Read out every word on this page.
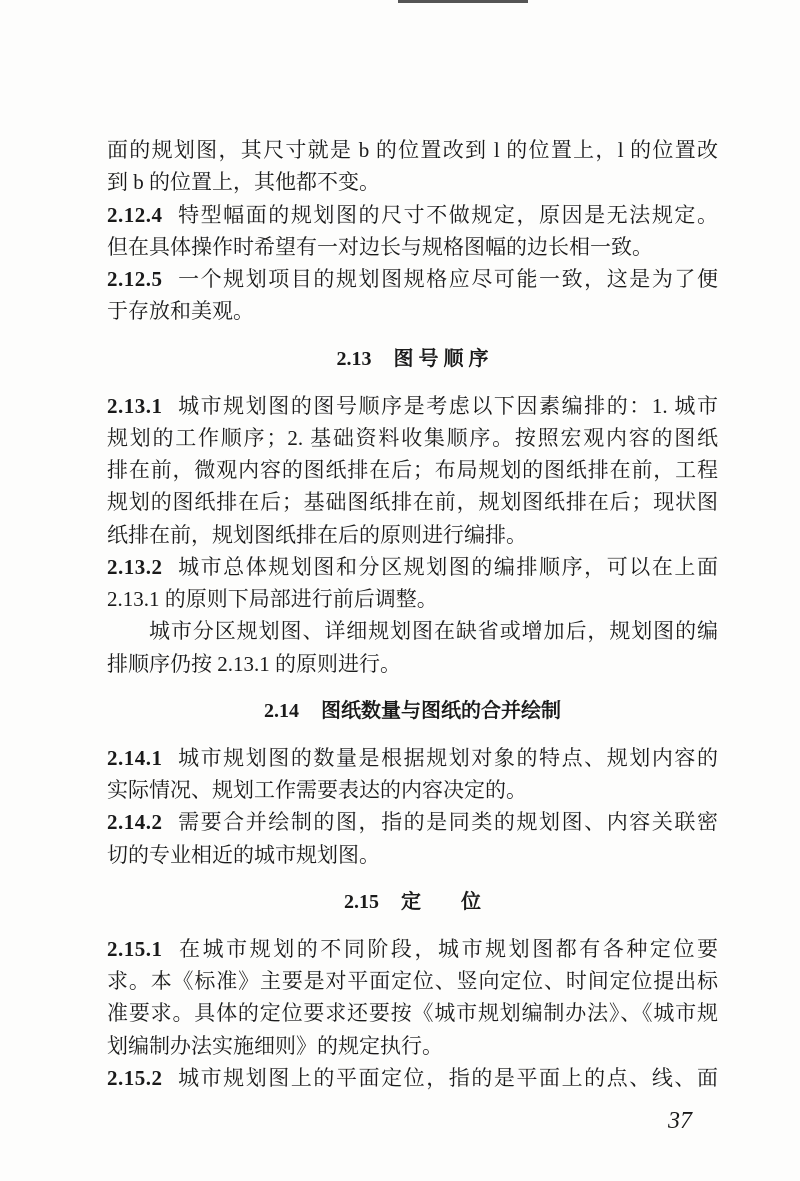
面的规划图，其尺寸就是 b 的位置改到 l 的位置上，l 的位置改
到 b 的位置上，其他都不变。
2.12.4 特型幅面的规划图的尺寸不做规定，原因是无法规定。
但在具体操作时希望有一对边长与规格图幅的边长相一致。
2.12.5 一个规划项目的规划图规格应尽可能一致，这是为了便
于存放和美观。
2.13 图 号 顺 序
2.13.1 城市规划图的图号顺序是考虑以下因素编排的：1. 城市
规划的工作顺序；2. 基础资料收集顺序。按照宏观内容的图纸
排在前，微观内容的图纸排在后；布局规划的图纸排在前，工程
规划的图纸排在后；基础图纸排在前，规划图纸排在后；现状图
纸排在前，规划图纸排在后的原则进行编排。
2.13.2 城市总体规划图和分区规划图的编排顺序，可以在上面
2.13.1 的原则下局部进行前后调整。
城市分区规划图、详细规划图在缺省或增加后，规划图的编
排顺序仍按 2.13.1 的原则进行。
2.14 图纸数量与图纸的合并绘制
2.14.1 城市规划图的数量是根据规划对象的特点、规划内容的
实际情况、规划工作需要表达的内容决定的。
2.14.2 需要合并绘制的图，指的是同类的规划图、内容关联密
切的专业相近的城市规划图。
2.15 定　　位
2.15.1 在城市规划的不同阶段，城市规划图都有各种定位要
求。本《标准》主要是对平面定位、竖向定位、时间定位提出标
准要求。具体的定位要求还要按《城市规划编制办法》、《城市规
划编制办法实施细则》的规定执行。
2.15.2 城市规划图上的平面定位，指的是平面上的点、线、面
37
